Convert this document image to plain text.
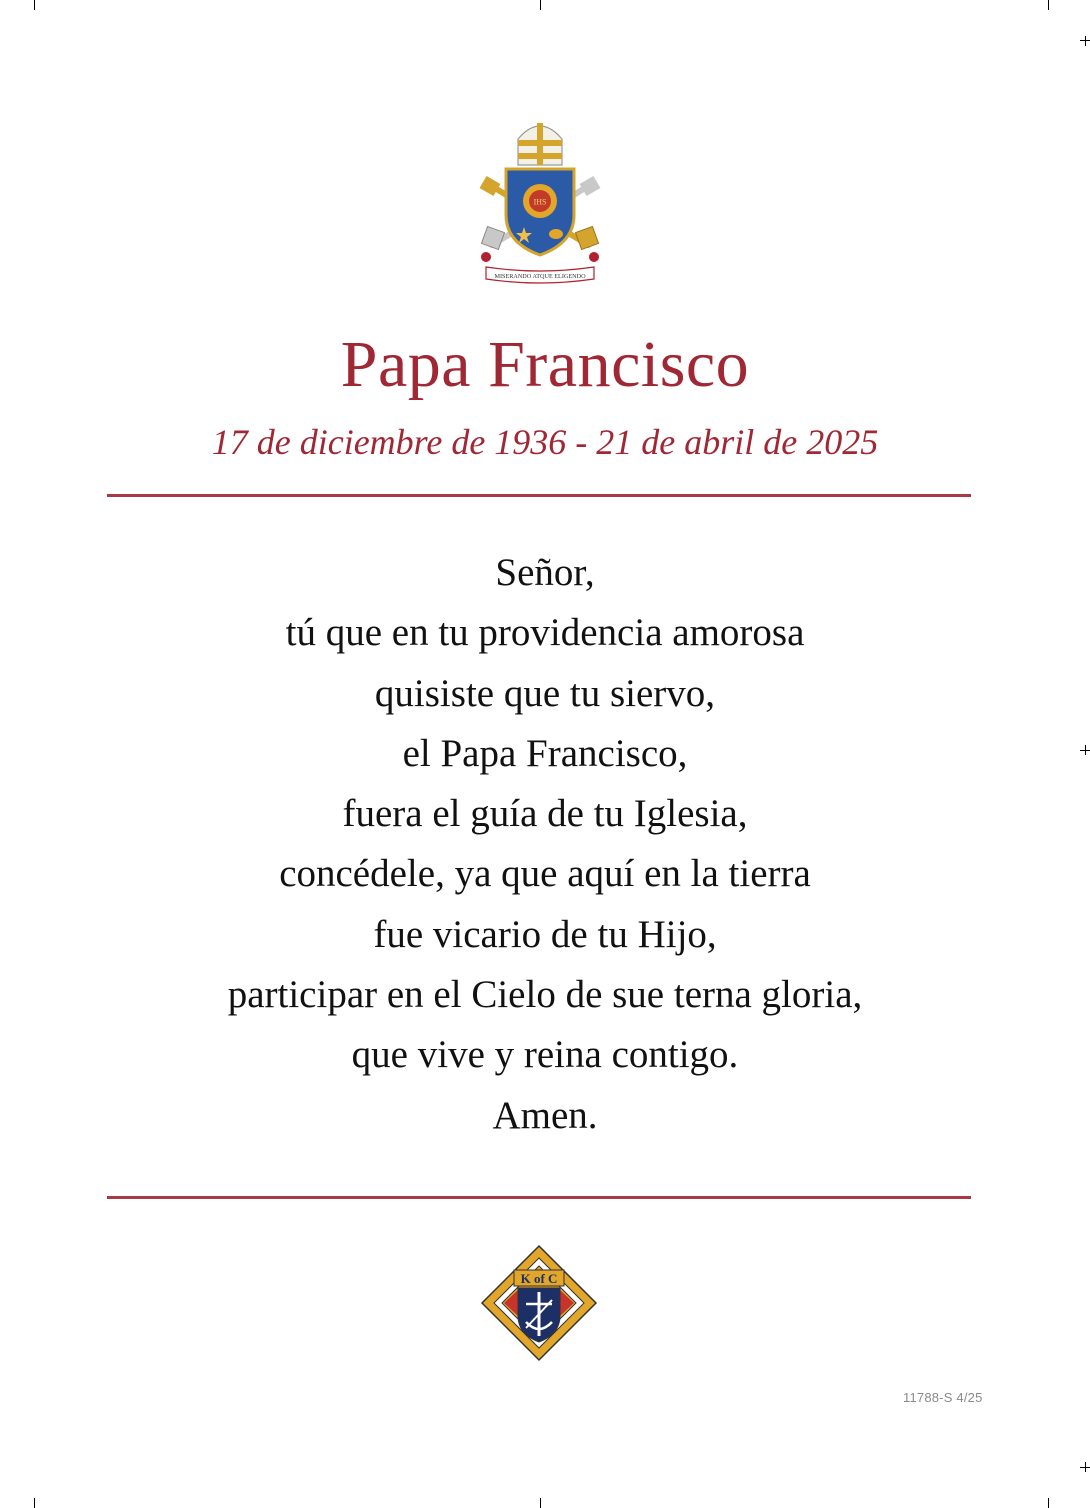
IHS
MISERANDO ATQUE ELIGENDO
Papa Francisco
17 de diciembre de 1936 - 21 de abril de 2025
Señor,
tú que en tu providencia amorosa
quisiste que tu siervo,
el Papa Francisco,
fuera el guía de tu Iglesia,
concédele, ya que aquí en la tierra
fue vicario de tu Hijo,
participar en el Cielo de sue terna gloria,
que vive y reina contigo.
Amen.
K of C
11788-S 4/25
